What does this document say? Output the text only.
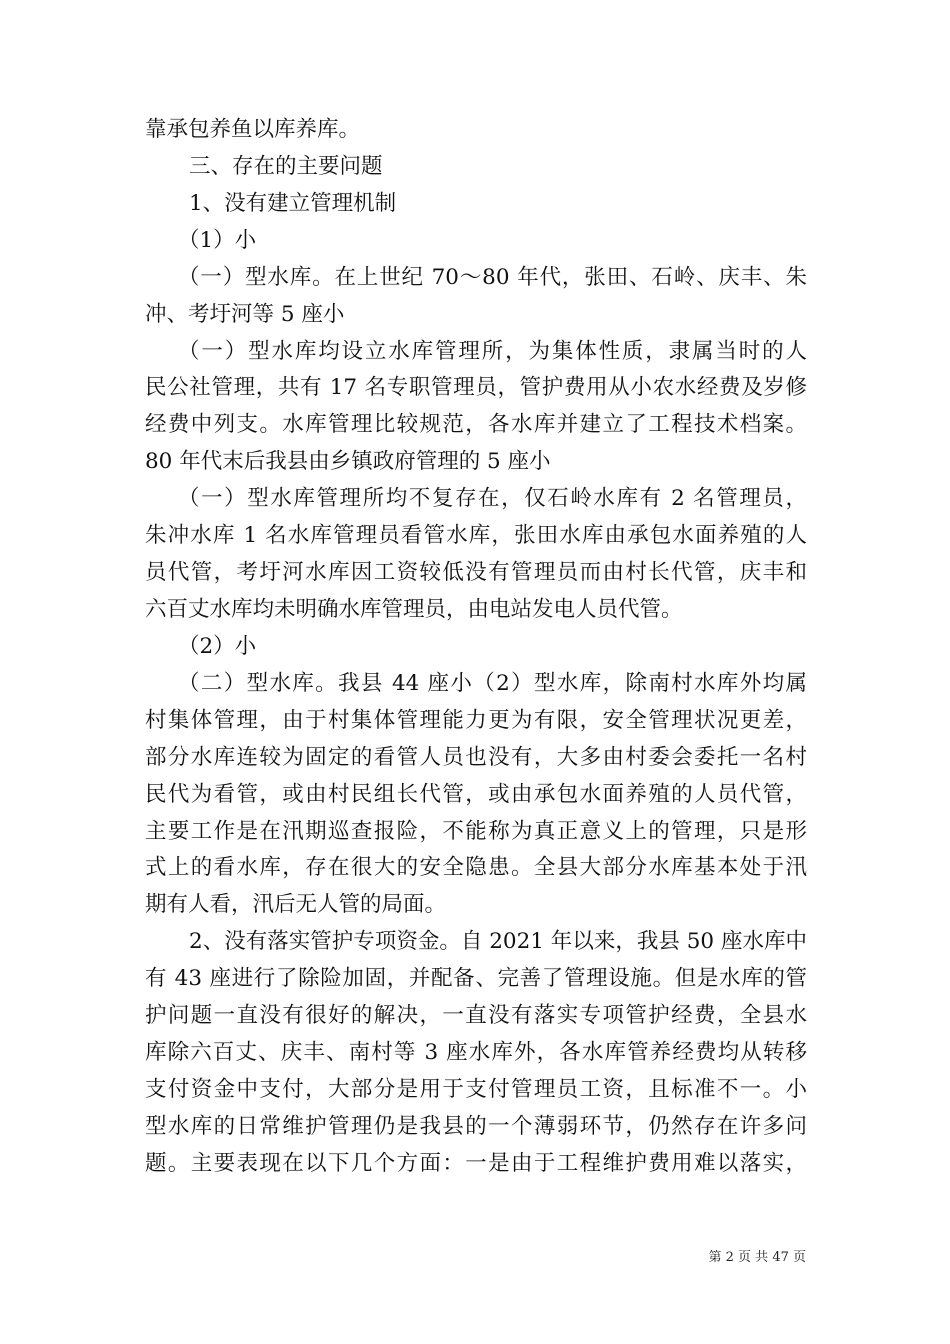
靠承包养鱼以库养库。
三、存在的主要问题
1、没有建立管理机制
（1）小
（一）型水库。在上世纪 70～80 年代，张田、石岭、庆丰、朱
冲、考圩河等 5 座小
（一）型水库均设立水库管理所，为集体性质，隶属当时的人
民公社管理，共有 17 名专职管理员，管护费用从小农水经费及岁修
经费中列支。水库管理比较规范，各水库并建立了工程技术档案。
80 年代末后我县由乡镇政府管理的 5 座小
（一）型水库管理所均不复存在，仅石岭水库有 2 名管理员，
朱冲水库 1 名水库管理员看管水库，张田水库由承包水面养殖的人
员代管，考圩河水库因工资较低没有管理员而由村长代管，庆丰和
六百丈水库均未明确水库管理员，由电站发电人员代管。
（2）小
（二）型水库。我县 44 座小（2）型水库，除南村水库外均属
村集体管理，由于村集体管理能力更为有限，安全管理状况更差，
部分水库连较为固定的看管人员也没有，大多由村委会委托一名村
民代为看管，或由村民组长代管，或由承包水面养殖的人员代管，
主要工作是在汛期巡查报险，不能称为真正意义上的管理，只是形
式上的看水库，存在很大的安全隐患。全县大部分水库基本处于汛
期有人看，汛后无人管的局面。
2、没有落实管护专项资金。自 2021 年以来，我县 50 座水库中
有 43 座进行了除险加固，并配备、完善了管理设施。但是水库的管
护问题一直没有很好的解决，一直没有落实专项管护经费，全县水
库除六百丈、庆丰、南村等 3 座水库外，各水库管养经费均从转移
支付资金中支付，大部分是用于支付管理员工资，且标准不一。小
型水库的日常维护管理仍是我县的一个薄弱环节，仍然存在许多问
题。主要表现在以下几个方面：一是由于工程维护费用难以落实，
第 2 页 共 47 页
